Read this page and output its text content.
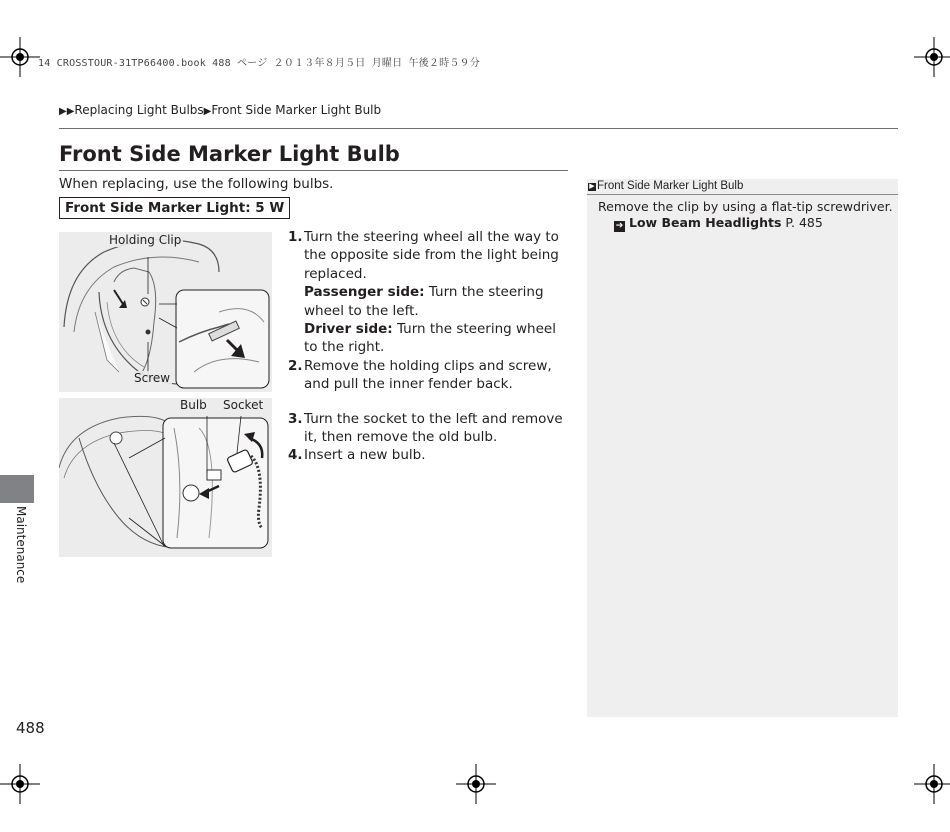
14 CROSSTOUR-31TP66400.book 488 ページ ２０１３年８月５日 月曜日 午後２時５９分
▶▶Replacing Light Bulbs▶Front Side Marker Light Bulb
Front Side Marker Light Bulb
When replacing, use the following bulbs.
Front Side Marker Light: 5 W
Holding Clip
Screw
Bulb Socket
1. Turn the steering wheel all the way to the opposite side from the light being replaced.
Passenger side: Turn the steering wheel to the left.
Driver side: Turn the steering wheel to the right.
2. Remove the holding clips and screw, and pull the inner fender back.
3. Turn the socket to the left and remove it, then remove the old bulb.
4. Insert a new bulb.
▶ Front Side Marker Light Bulb
Remove the clip by using a flat-tip screwdriver.
➔ Low Beam Headlights P. 485
Maintenance
488
